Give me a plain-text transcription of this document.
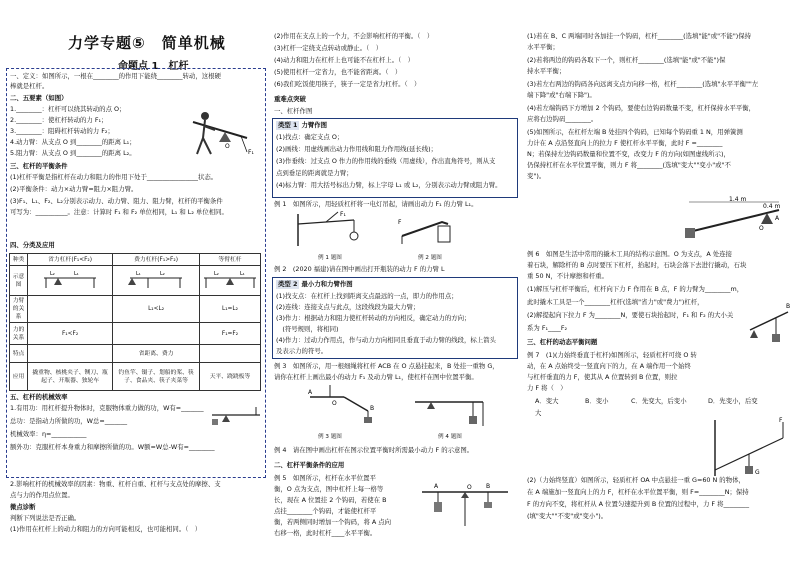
力学专题⑤　简单机械
命题点 1　杠杆
一、定义：如图所示，一根在________的作用下能绕________转动，这根硬
棒就是杠杆。
二、五要素（如图）
1.________：杠杆可以绕其转动的点 O；
2.________：使杠杆转动的力 F₁；
3.________：阻碍杠杆转动的力 F₂；
4.动力臂：从支点 O 到________的距离 L₁；
5.阻力臂：从支点 O 到________的距离 L₂。	F₁
O
三、杠杆的平衡条件
(1)杠杆平衡是指杠杆在动力和阻力的作用下处于________________状态。
(2)平衡条件：动力×动力臂=阻力×阻力臂。
(3)F₁、L₁、F₂、L₂分别表示动力、动力臂、阻力、阻力臂，杠杆的平衡条件
可写为：__________。注意：计算时 F₁ 和 F₂ 单位相同，L₁ 和 L₂ 单位相同。
四、分类及应用
种类	省力杠杆(F₁<F₂)	费力杠杆(F₁>F₂)	等臂杠杆
示意图	L₂ L₁	L₁ L₂	L₂ L₁

力臂的关系		L₁<L₂	L₁=L₂
力的关系	F₁<F₂		F₁=F₂
特点		省距离、费力	
应用	撬重物、核桃夹子、铡刀、瓶起子、开瓶器、独轮车	钓鱼竿、镊子、划船的桨、筷子、食品夹、筷子夹菜等	天平、跷跷板等
五、杠杆的机械效率
1.有用功：用杠杆提升物体时，克服物体重力做的功，W有=_______
总功：是指动力所做的功，W总=_______
机械效率：η=___________
额外功：克服杠杆本身重力和摩擦所做的功。W额=W总-W有=________
2.影响杠杆的机械效率的因素：物重、杠杆自重、杠杆与支点处的摩擦、支
点与力的作用点位置。
微点诊断
判断下列说法是否正确。
(1)作用在杠杆上的动力和阻力的方向可能相反，也可能相同。（　）
(2)作用在支点上的一个力，不会影响杠杆的平衡。（　）
(3)杠杆一定绕支点转动或静止。（　）
(4)动力和阻力在杠杆上也可能不在杠杆上。（　）
(5)使用杠杆一定省力，也不能省距离。（　）
(6)我们吃饭使用筷子，筷子一定是省力杠杆。（　）
重难点突破
一、杠杆作图
类型 1 力臂作图
(1)找点：确定支点 O；
(2)画线：用虚线画出动力作用线和阻力作用线(延长线)；
(3)作垂线：过支点 O 作力的作用线的垂线（用虚线），作出直角符号，则从支
点到垂足的距离就是力臂；
(4)标力臂：用大括号标出力臂，标上字母 L₁ 或 L₂，分别表示动力臂或阻力臂。
例 1　如图所示，用轻质杠杆将一电灯吊起，请画出动力 F₁ 的力臂 L₁。
F₁
F
例 1 题图	例 2 题图
例 2　(2020 福建)请在图中画出打开瓶装的动力 F 的力臂 L
类型 2 最小力和力臂作图
(1)找支点：在杠杆上找到距离支点最远的一点，即力的作用点；
(2)连线：连接支点与此点，这段线段为最大力臂；
(3)作力：根据动力和阻力使杠杆转动的方向相反，确定动力的方向；
　(符号规则，将相同)
(4)作力：过动力作用点，作与动力方向相同且垂直于动力臂的线段，标上箭头
及表示力的符号。
例 3　如图所示，用一根细绳将杠杆 ACB 在 O 点悬挂起来，B 处挂一重物 G，
请你在杠杆上画出最小的动力 F₁ 及动力臂 L₁，使杠杆在图中位置平衡。
A
O
B
例 3 题图	例 4 题图
例 4　请在图中画出杠杆在图示位置平衡时所需最小动力 F 的示意图。
二、杠杆平衡条件的应用
例 5　如图所示，杠杆在水平位置平
衡，O 点为支点，图中杠杆上每一格等
长，现在 A 位置挂 2 个钩码，若使在 B
点挂________个钩码，才能使杠杆平
衡，若两侧同时增加一个钩码，将 A 点向
右移一格，此时杠杆____水平平衡。
A	B
O
(1)若在 B、C 两端同时各加挂一个钩码，杠杆________(选填"能"或"不能")保持
水平平衡；
(2)若将两边的钩码各取下一个，则杠杆________(选填"能"或"不能")保
持水平平衡；
(3)若左右两边的钩码各向远离支点方向移一格，杠杆________(选填"水平平衡""左
端下降"或"右端下降")。
(4)若左端钩码下方增加 2 个钩码，要使右边钩码数量不变，杠杆保持水平平衡，
应将右边钩码________。
(5)如图所示，在杠杆左端 B 处挂四个钩码，已知每个钩码重 1 N，用弹簧测
力计在 A 点沿竖直向上的拉力 F 使杠杆水平平衡，此时 F =________
N；若保持左边钩码数量和位置不变，改变力 F 的方向(如图虚线所示)，
仍保持杠杆在水平位置平衡，则力 F 将________(选填"变大""变小"或"不
变")。
1.4 m
0.4 m
A
O
例 6　如图是生活中常用的撬木工具的结构示意图。O 为支点，A 处连接
着石块，解除杆的 B 点时要压下杠杆，抬起时，石块会落下去进行撬动，石块
重 50 N，不计摩擦和杆重。
(1)解压与杠杆平衡后，杠杆向下力 F 作用在 B 点，F 的力臂为________m，
此时撬木工具是一个________杠杆(选填"省力"或"费力")杠杆，
(2)解提起向下拉力 F 为________N，要使石块抬起时，F₁ 和 F₂ 的大小关
系为 F₁____F₂
B
三、杠杆的动态平衡问题
例 7　(1)(力始终垂直于杠杆)如图所示，轻质杠杆可绕 O 转
动，在 A 点始终受一竖直向下的力，在 A 端作用一个始终
与杠杆垂直的力 F，使其从 A 位置转到 B 位置，则拉
力 F 将（　）
A．变大	B．变小	C．先变大，后变小	D．先变小，后变
大
F
G
(2)（力始终竖直）如图所示，轻质杠杆 OA 中点悬挂一重 G=60 N 的物体，
在 A 端施加一竖直向上的力 F，杠杆在水平位置平衡，则 F=________N；保持
F 的方向不变，将杠杆从 A 位置匀速提升到 B 位置的过程中，力 F 将________
(填"变大""不变"或"变小")。
